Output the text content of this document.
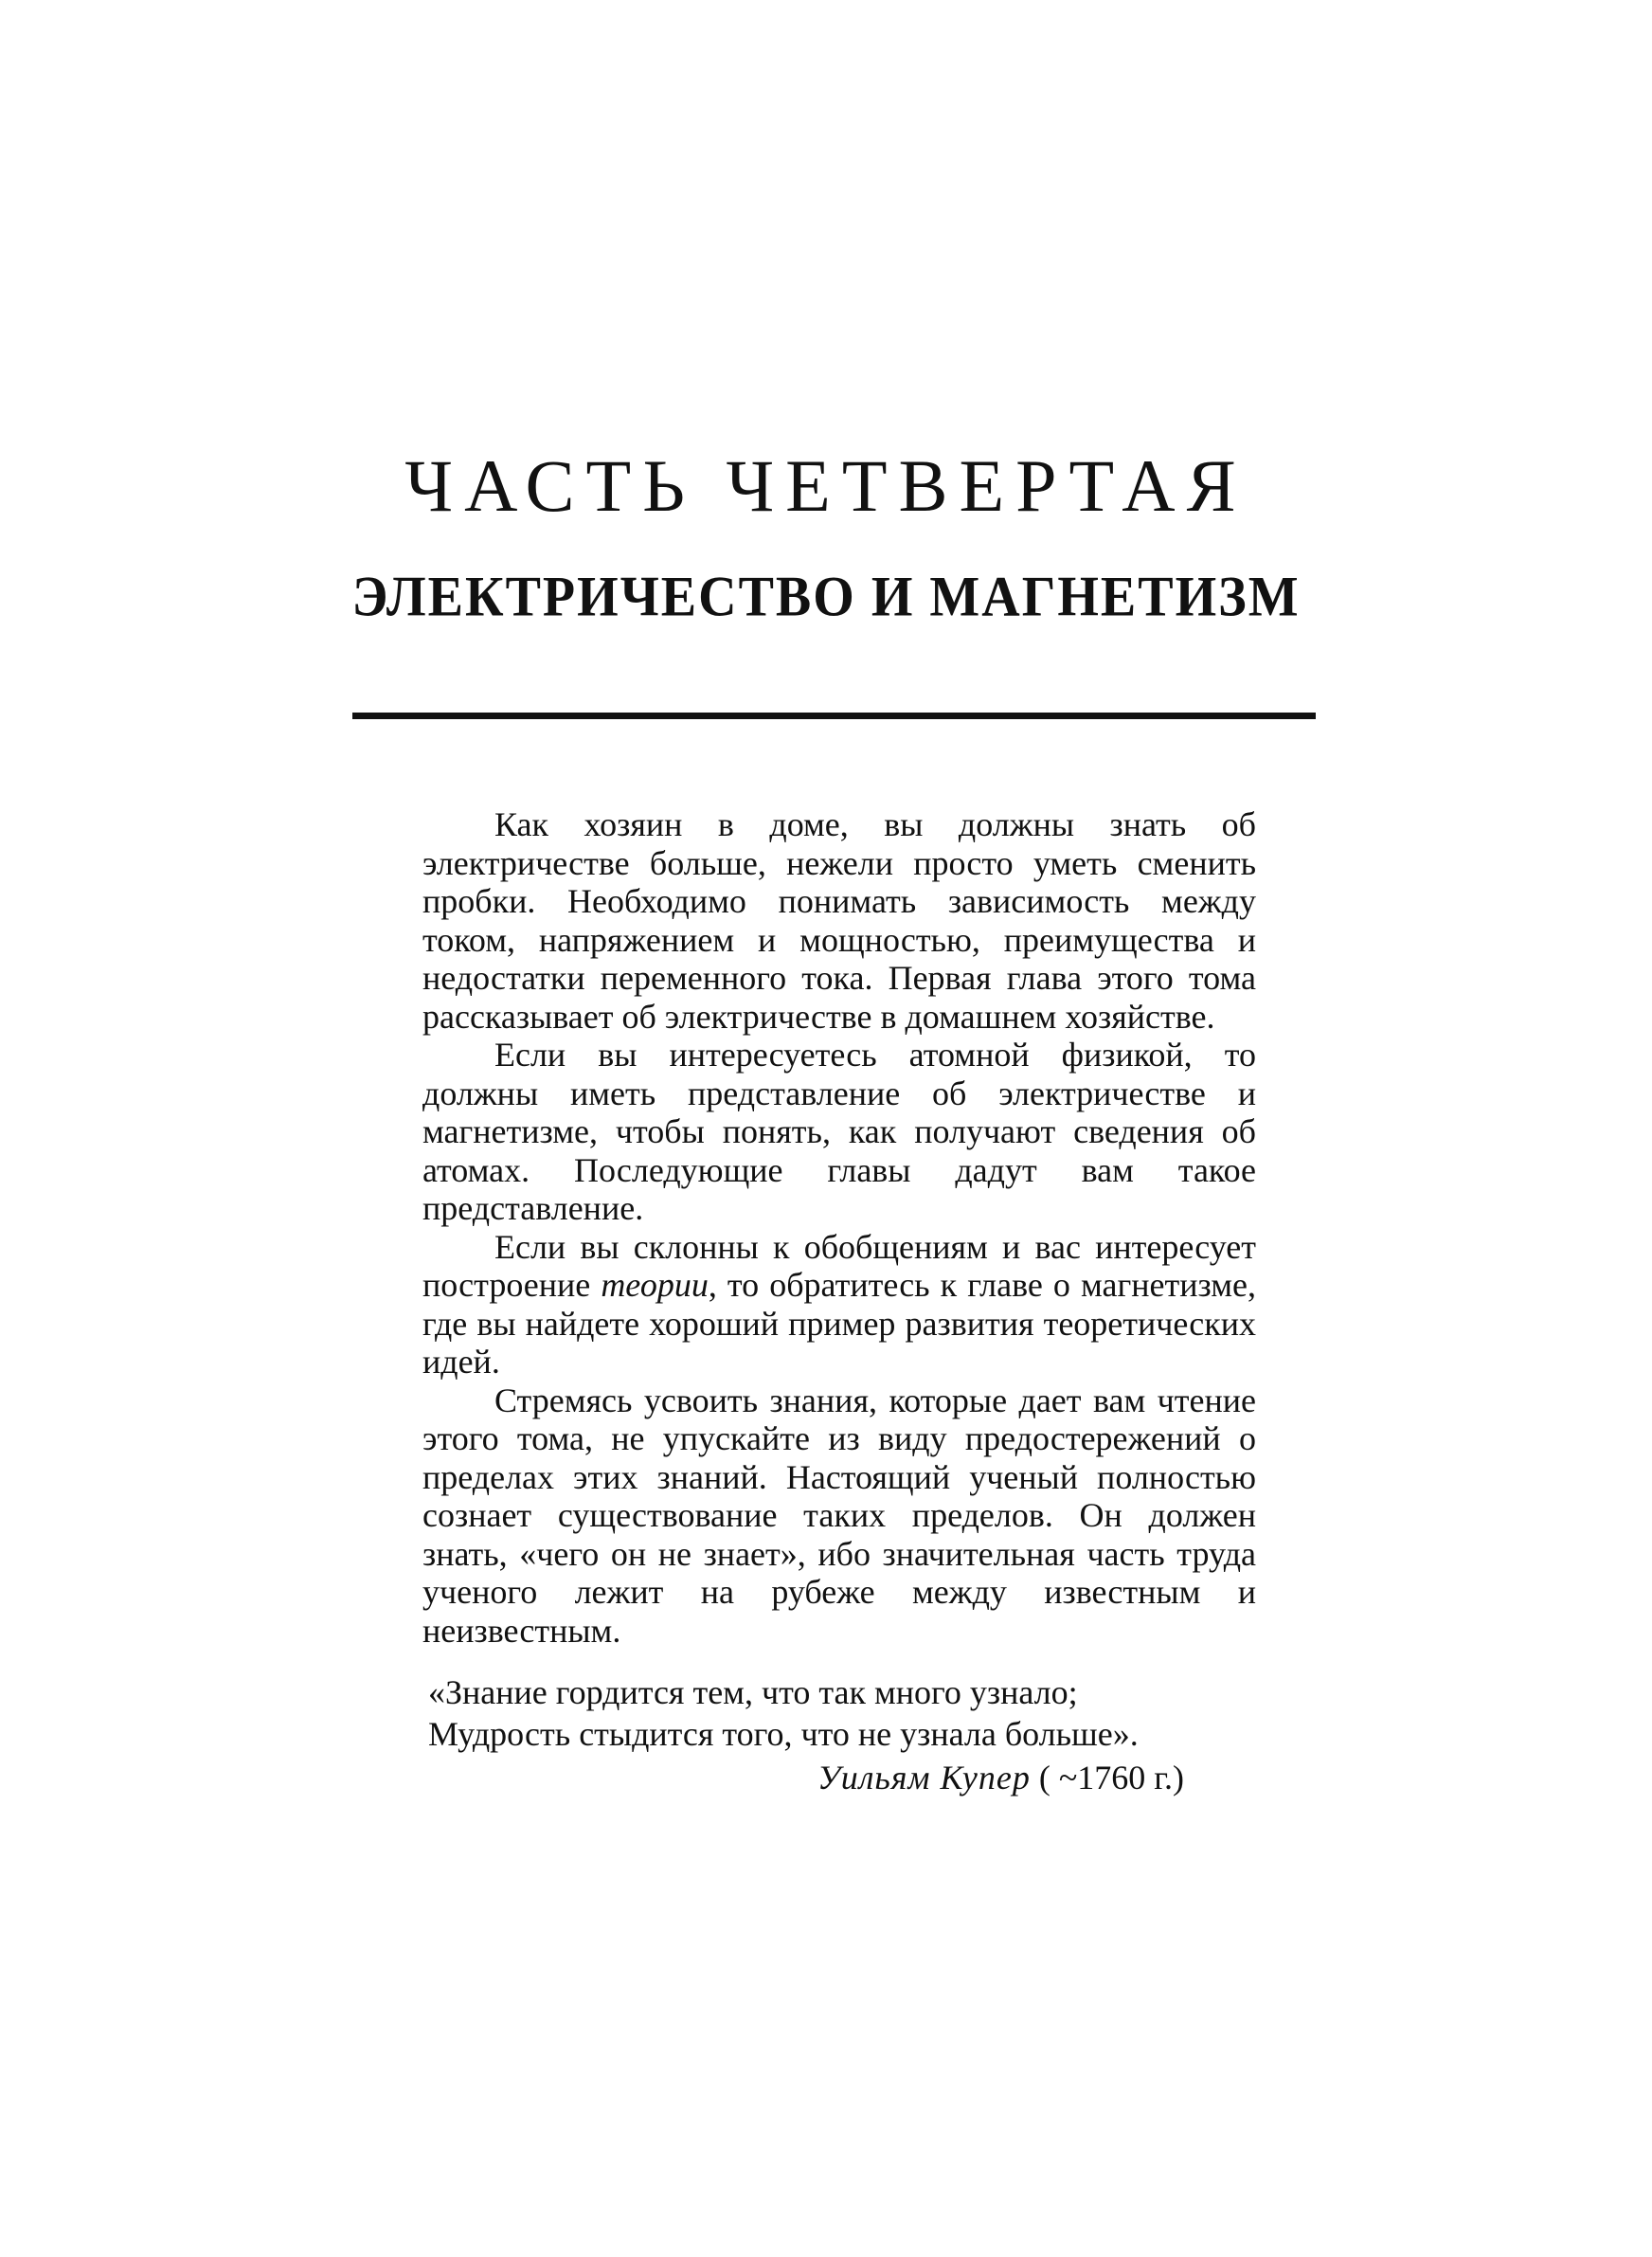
ЧАСТЬ ЧЕТВЕРТАЯ
ЭЛЕКТРИЧЕСТВО И МАГНЕТИЗМ

Как хозяин в доме, вы должны знать об электричестве больше, нежели просто уметь сменить пробки. Необходимо понимать зависимость между током, напряжением и мощностью, преимущества и недостатки переменного тока. Первая глава этого тома рассказывает об электричестве в домашнем хозяйстве.

Если вы интересуетесь атомной физикой, то должны иметь представление об электричестве и магнетизме, чтобы понять, как получают сведения об атомах. Последующие главы дадут вам такое представление.

Если вы склонны к обобщениям и вас интересует построение теории, то обратитесь к главе о магнетизме, где вы найдете хороший пример развития теоретических идей.

Стремясь усвоить знания, которые дает вам чтение этого тома, не упускайте из виду предостережений о пределах этих знаний. Настоящий ученый полностью сознает существование таких пределов. Он должен знать, «чего он не знает», ибо значительная часть труда ученого лежит на рубеже между известным и неизвестным.

«Знание гордится тем, что так много узнало;
Мудрость стыдится того, что не узнала больше».
Уильям Купер ( ~1760 г.)
